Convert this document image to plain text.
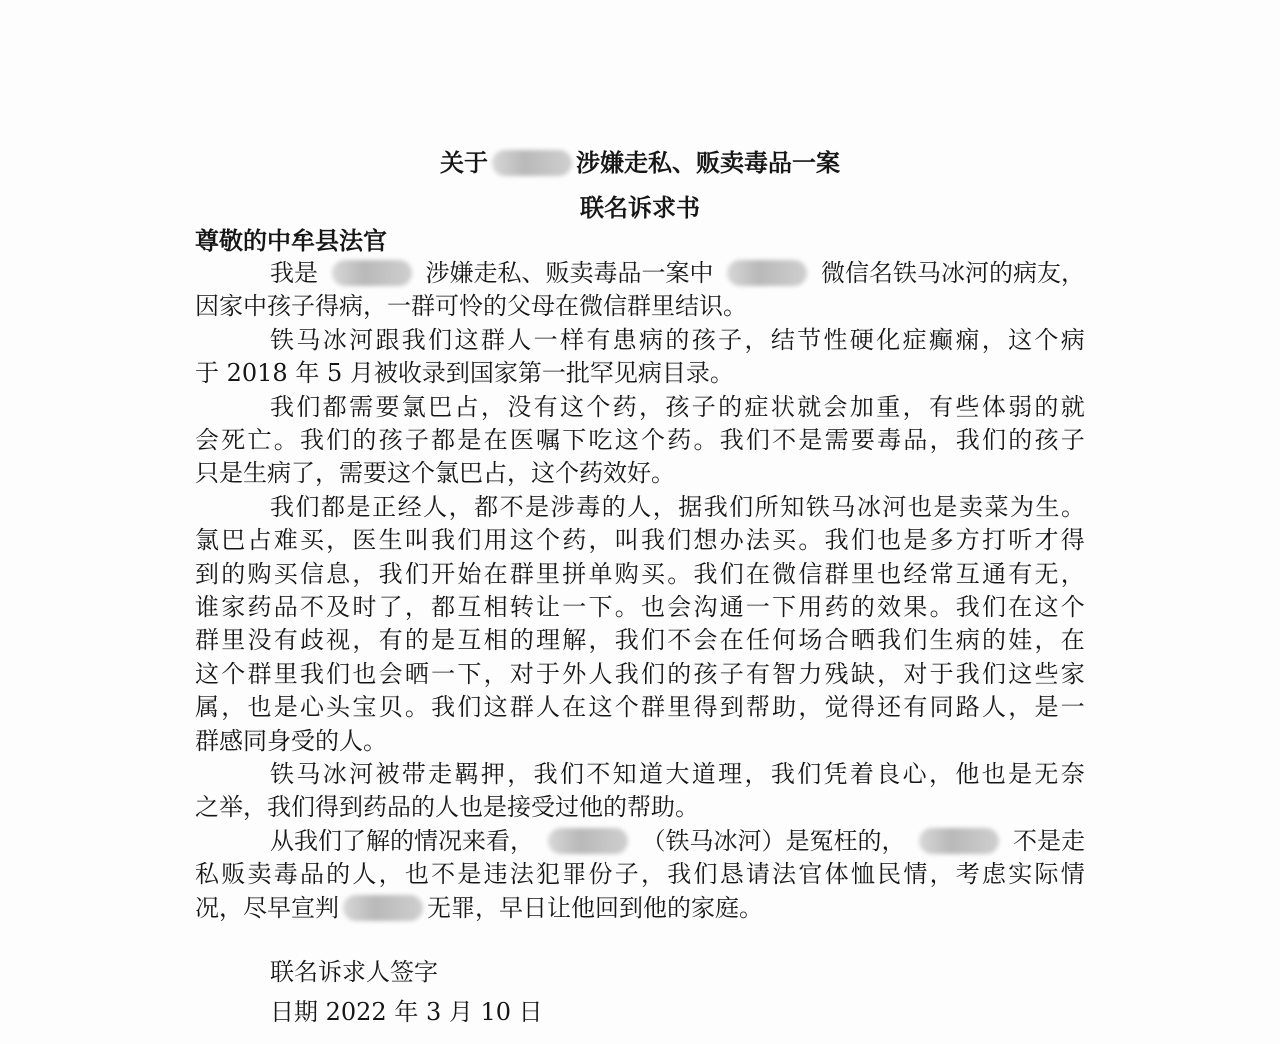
关于	涉嫌走私、贩卖毒品一案
联名诉求书
尊敬的中牟县法官
我是	涉嫌走私、贩卖毒品一案中	微信名铁马冰河的病友，
因家中孩子得病，一群可怜的父母在微信群里结识。
铁 马 冰 河 跟 我 们 这 群 人 一 样 有 患 病 的 孩 子 ， 结 节 性 硬 化 症 癫 痫 ， 这 个 病
于 2018 年 5 月被收录到国家第一批罕见病目录。
我 们 都 需 要 氯 巴 占 ， 没 有 这 个 药 ， 孩 子 的 症 状 就 会 加 重 ， 有 些 体 弱 的 就
会 死 亡 。 我 们 的 孩 子 都 是 在 医 嘱 下 吃 这 个 药 。 我 们 不 是 需 要 毒 品 ， 我 们 的 孩 子
只是生病了，需要这个氯巴占，这个药效好。
我 们 都 是 正 经 人 ， 都 不 是 涉 毒 的 人 ， 据 我 们 所 知 铁 马 冰 河 也 是 卖 菜 为 生 。
氯 巴 占 难 买 ， 医 生 叫 我 们 用 这 个 药 ， 叫 我 们 想 办 法 买 。 我 们 也 是 多 方 打 听 才 得
到 的 购 买 信 息 ， 我 们 开 始 在 群 里 拼 单 购 买 。 我 们 在 微 信 群 里 也 经 常 互 通 有 无 ，
谁 家 药 品 不 及 时 了 ， 都 互 相 转 让 一 下 。 也 会 沟 通 一 下 用 药 的 效 果 。 我 们 在 这 个
群 里 没 有 歧 视 ， 有 的 是 互 相 的 理 解 ， 我 们 不 会 在 任 何 场 合 晒 我 们 生 病 的 娃 ， 在
这 个 群 里 我 们 也 会 晒 一 下 ， 对 于 外 人 我 们 的 孩 子 有 智 力 残 缺 ， 对 于 我 们 这 些 家
属 ， 也 是 心 头 宝 贝 。 我 们 这 群 人 在 这 个 群 里 得 到 帮 助 ， 觉 得 还 有 同 路 人 ， 是 一
群感同身受的人。
铁 马 冰 河 被 带 走 羁 押 ， 我 们 不 知 道 大 道 理 ， 我 们 凭 着 良 心 ， 他 也 是 无 奈
之举，我们得到药品的人也是接受过他的帮助。
从我们了解的情况来看，	（铁马冰河）是冤枉的，	不是走
私 贩 卖 毒 品 的 人 ， 也 不 是 违 法 犯 罪 份 子 ， 我 们 恳 请 法 官 体 恤 民 情 ， 考 虑 实 际 情
况，尽早宣判	无罪，早日让他回到他的家庭。
联名诉求人签字
日期 2022 年 3 月 10 日
